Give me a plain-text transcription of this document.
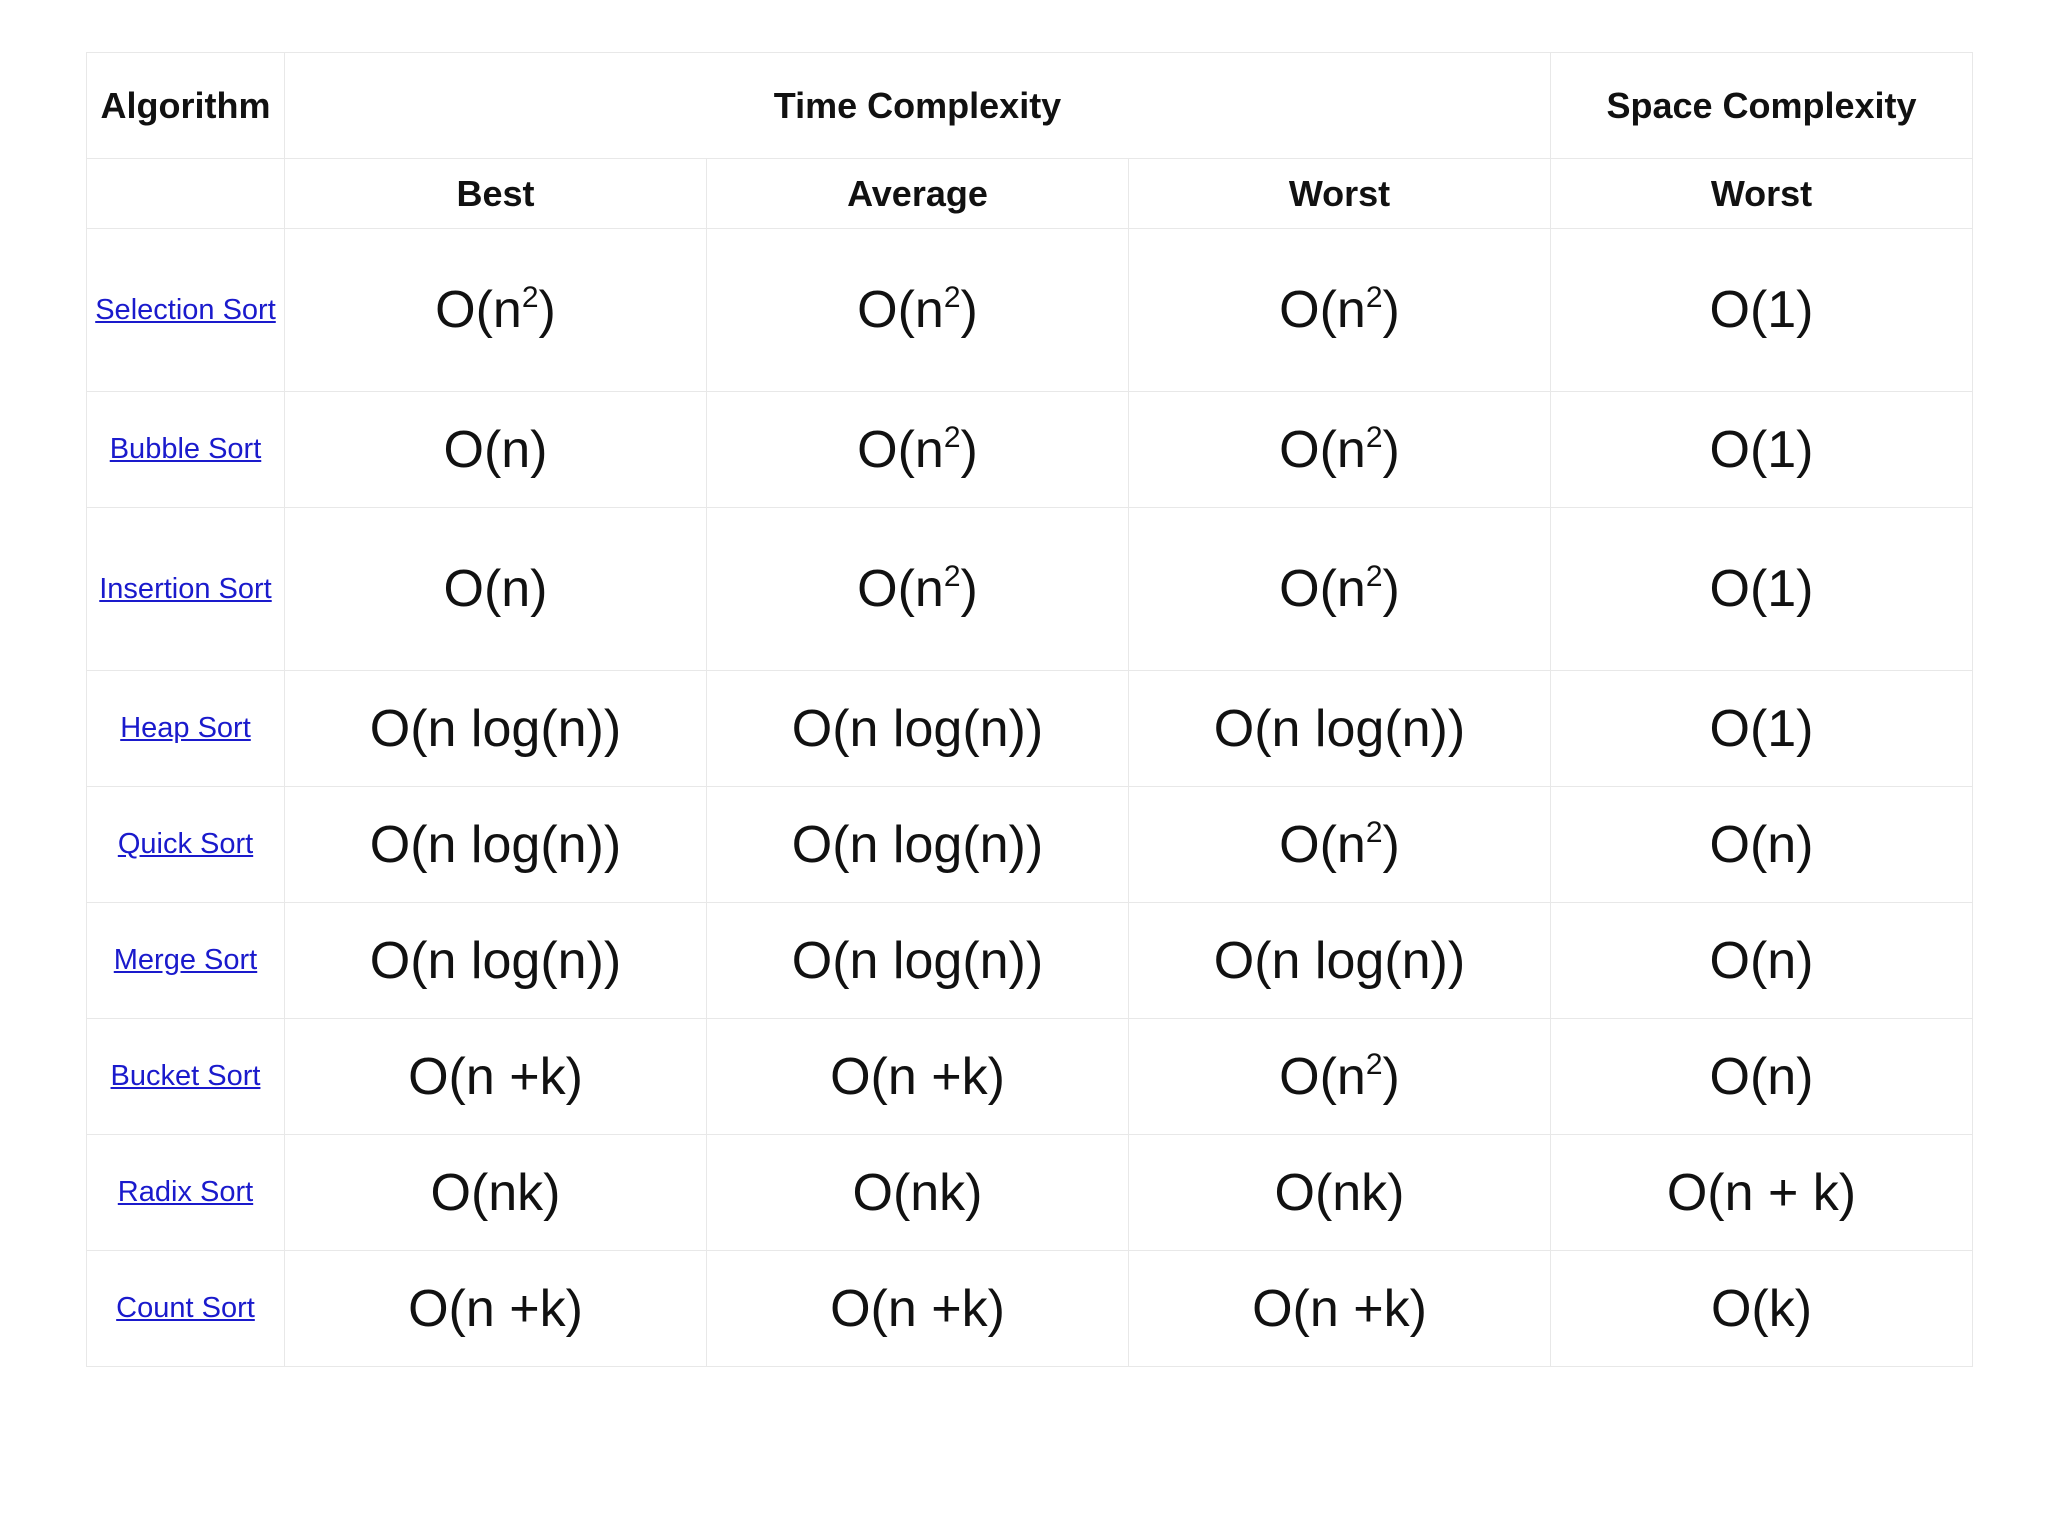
Algorithm	Time Complexity			Space Complexity
	Best	Average	Worst	Worst
Selection Sort	$O(n^2)$	$O(n^2)$	$O(n^2)$	O(1)
Bubble Sort	O(n)	$O(n^2)$	$O(n^2)$	O(1)
Insertion Sort	O(n)	$O(n^2)$	$O(n^2)$	O(1)
Heap Sort	O(n log(n))	O(n log(n))	O(n log(n))	O(1)
Quick Sort	O(n log(n))	O(n log(n))	$O(n^2)$	O(n)
Merge Sort	O(n log(n))	O(n log(n))	O(n log(n))	O(n)
Bucket Sort	O(n +k)	O(n +k)	$O(n^2)$	O(n)
Radix Sort	O(nk)	O(nk)	O(nk)	O(n + k)
Count Sort	O(n +k)	O(n +k)	O(n +k)	O(k)
